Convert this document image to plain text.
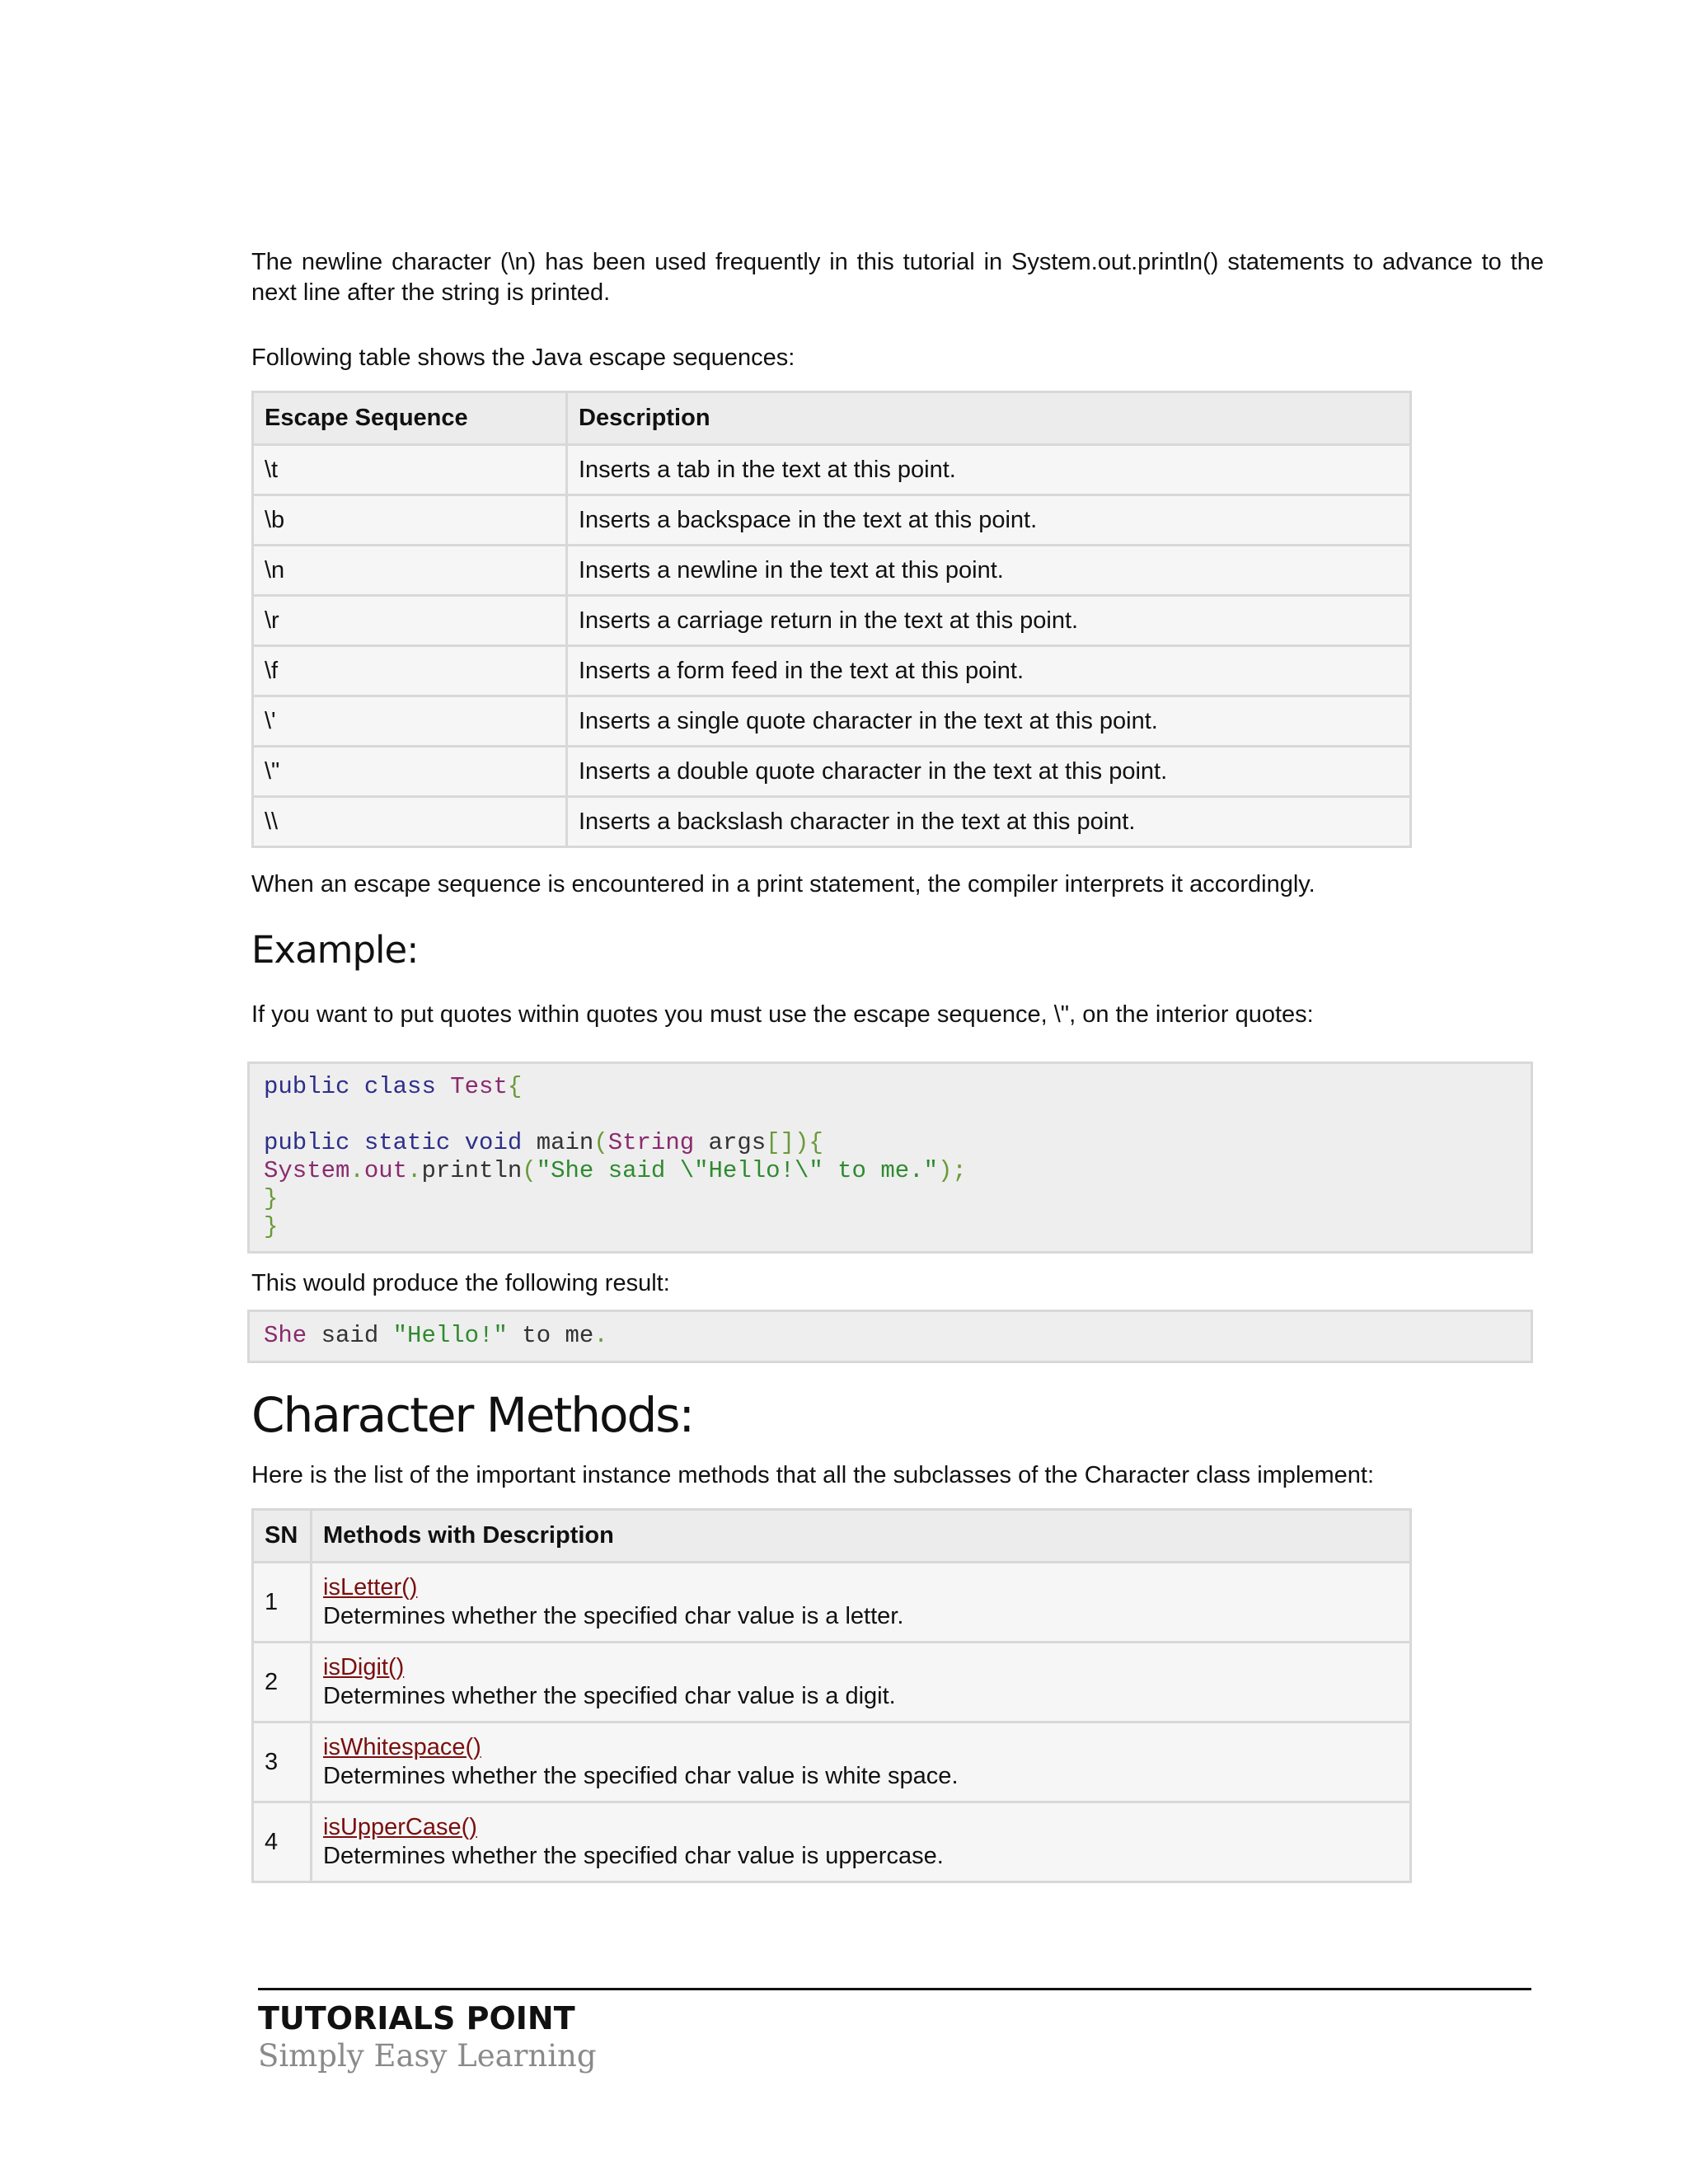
The newline character (\n) has been used frequently in this tutorial in System.out.println() statements to advance to the next line after the string is printed.

Following table shows the Java escape sequences:

Escape Sequence	Description
\t	Inserts a tab in the text at this point.
\b	Inserts a backspace in the text at this point.
\n	Inserts a newline in the text at this point.
\r	Inserts a carriage return in the text at this point.
\f	Inserts a form feed in the text at this point.
\'	Inserts a single quote character in the text at this point.
\"	Inserts a double quote character in the text at this point.
\\	Inserts a backslash character in the text at this point.

When an escape sequence is encountered in a print statement, the compiler interprets it accordingly.

Example:

If you want to put quotes within quotes you must use the escape sequence, \", on the interior quotes:

public class Test{

public static void main(String args[]){
System.out.println("She said \"Hello!\" to me.");
}
}

This would produce the following result:

She said "Hello!" to me.
Character Methods:

Here is the list of the important instance methods that all the subclasses of the Character class implement:

SN	Methods with Description
1	isLetter()
Determines whether the specified char value is a letter.

2	isDigit()
Determines whether the specified char value is a digit.

3	isWhitespace()
Determines whether the specified char value is white space.

4	isUpperCase()
Determines whether the specified char value is uppercase.
TUTORIALS POINT
Simply Easy Learning
